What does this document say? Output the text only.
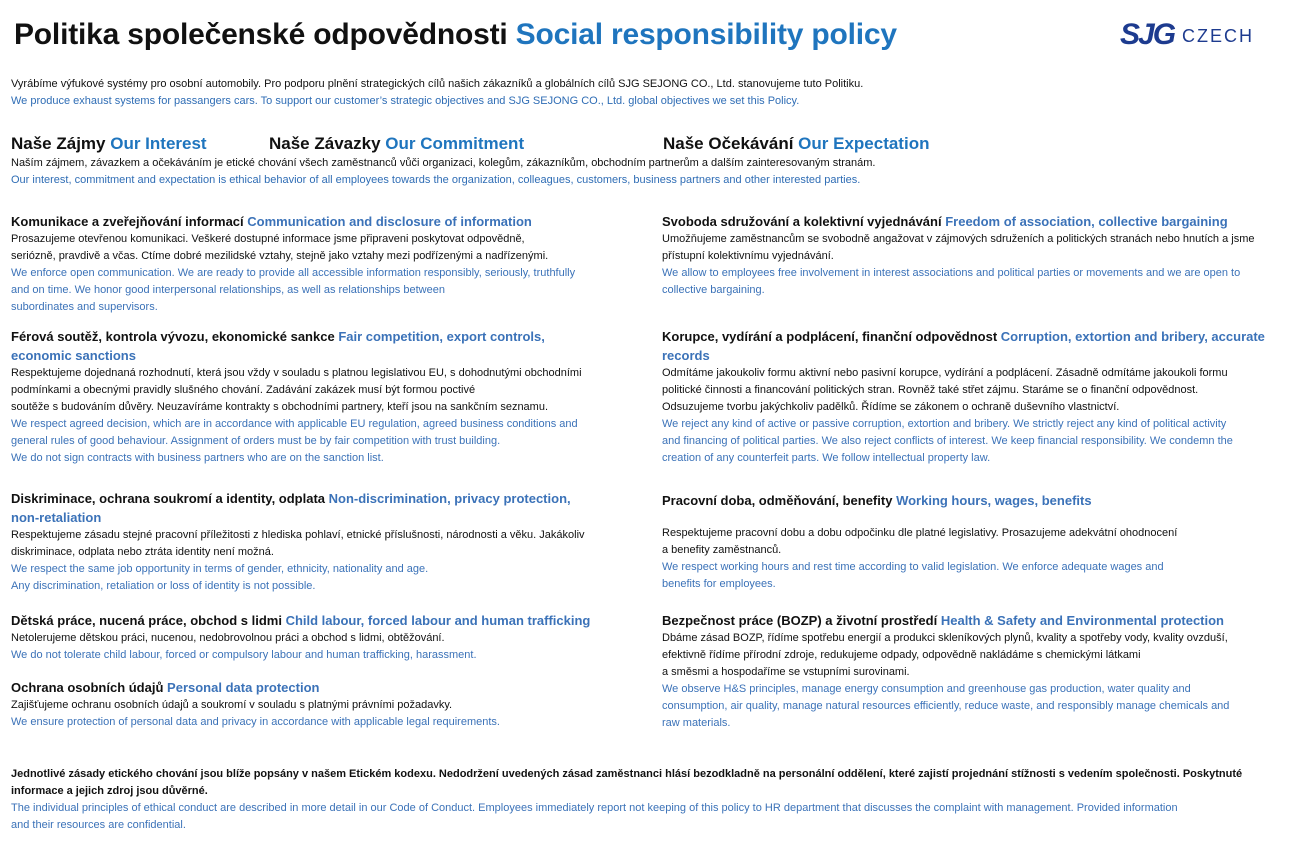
Politika společenské odpovědnosti Social responsibility policy	SJG CZECH
Vyrábíme výfukové systémy pro osobní automobily. Pro podporu plnění strategických cílů našich zákazníků a globálních cílů SJG SEJONG CO., Ltd. stanovujeme tuto Politiku.
We produce exhaust systems for passangers cars. To support our customer’s strategic objectives and SJG SEJONG CO., Ltd. global objectives we set this Policy.
Naše Zájmy Our Interest	Naše Závazky Our Commitment	Naše Očekávání Our Expectation
Naším zájmem, závazkem a očekáváním je etické chování všech zaměstnanců vůči organizaci, kolegům, zákazníkům, obchodním partnerům a dalším zainteresovaným stranám.
Our interest, commitment and expectation is ethical behavior of all employees towards the organization, colleagues, customers, business partners and other interested parties.
Komunikace a zveřejňování informací Communication and disclosure of information
Prosazujeme otevřenou komunikaci. Veškeré dostupné informace jsme připraveni poskytovat odpovědně,
seriózně, pravdivě a včas. Ctíme dobré mezilidské vztahy, stejně jako vztahy mezi podřízenými a nadřízenými.
We enforce open communication. We are ready to provide all accessible information responsibly, seriously, truthfully
and on time. We honor good interpersonal relationships, as well as relationships between
subordinates and supervisors.
Férová soutěž, kontrola vývozu, ekonomické sankce Fair competition, export controls,
economic sanctions
Respektujeme dojednaná rozhodnutí, která jsou vždy v souladu s platnou legislativou EU, s dohodnutými obchodními
podmínkami a obecnými pravidly slušného chování. Zadávání zakázek musí být formou poctivé
soutěže s budováním důvěry. Neuzavíráme kontrakty s obchodními partnery, kteří jsou na sankčním seznamu.
We respect agreed decision, which are in accordance with applicable EU regulation, agreed business conditions and
general rules of good behaviour. Assignment of orders must be by fair competition with trust building.
We do not sign contracts with business partners who are on the sanction list.
Diskriminace, ochrana soukromí a identity, odplata Non-discrimination, privacy protection,
non-retaliation
Respektujeme zásadu stejné pracovní příležitosti z hlediska pohlaví, etnické příslušnosti, národnosti a věku. Jakákoliv
diskriminace, odplata nebo ztráta identity není možná.
We respect the same job opportunity in terms of gender, ethnicity, nationality and age.
Any discrimination, retaliation or loss of identity is not possible.
Dětská práce, nucená práce, obchod s lidmi Child labour, forced labour and human trafficking
Netolerujeme dětskou práci, nucenou, nedobrovolnou práci a obchod s lidmi, obtěžování.
We do not tolerate child labour, forced or compulsory labour and human trafficking, harassment.
Ochrana osobních údajů Personal data protection
Zajišťujeme ochranu osobních údajů a soukromí v souladu s platnými právními požadavky.
We ensure protection of personal data and privacy in accordance with applicable legal requirements.
Svoboda sdružování a kolektivní vyjednávání Freedom of association, collective bargaining
Umožňujeme zaměstnancům se svobodně angažovat v zájmových sdruženích a politických stranách nebo hnutích a jsme
přístupní kolektivnímu vyjednávání.
We allow to employees free involvement in interest associations and political parties or movements and we are open to
collective bargaining.
Korupce, vydírání a podplácení, finanční odpovědnost Corruption, extortion and bribery, accurate
records
Odmítáme jakoukoliv formu aktivní nebo pasivní korupce, vydírání a podplácení. Zásadně odmítáme jakoukoli formu
politické činnosti a financování politických stran. Rovněž také střet zájmu. Staráme se o finanční odpovědnost.
Odsuzujeme tvorbu jakýchkoliv padělků. Řídíme se zákonem o ochraně duševního vlastnictví.
We reject any kind of active or passive corruption, extortion and bribery. We strictly reject any kind of political activity
and financing of political parties. We also reject conflicts of interest. We keep financial responsibility. We condemn the
creation of any counterfeit parts. We follow intellectual property law.
Pracovní doba, odměňování, benefity Working hours, wages, benefits
Respektujeme pracovní dobu a dobu odpočinku dle platné legislativy. Prosazujeme adekvátní ohodnocení
a benefity zaměstnanců.
We respect working hours and rest time according to valid legislation. We enforce adequate wages and
benefits for employees.
Bezpečnost práce (BOZP) a životní prostředí Health & Safety and Environmental protection
Dbáme zásad BOZP, řídíme spotřebu energií a produkci skleníkových plynů, kvality a spotřeby vody, kvality ovzduší,
efektivně řídíme přírodní zdroje, redukujeme odpady, odpovědně nakládáme s chemickými látkami
a směsmi a hospodaříme se vstupními surovinami.
We observe H&S principles, manage energy consumption and greenhouse gas production, water quality and
consumption, air quality, manage natural resources efficiently, reduce waste, and responsibly manage chemicals and
raw materials.
Jednotlivé zásady etického chování jsou blíže popsány v našem Etickém kodexu. Nedodržení uvedených zásad zaměstnanci hlásí bezodkladně na personální oddělení, které zajistí projednání stížnosti s vedením společnosti. Poskytnuté
informace a jejich zdroj jsou důvěrné.
The individual principles of ethical conduct are described in more detail in our Code of Conduct. Employees immediately report not keeping of this policy to HR department that discusses the complaint with management. Provided information
and their resources are confidential.
